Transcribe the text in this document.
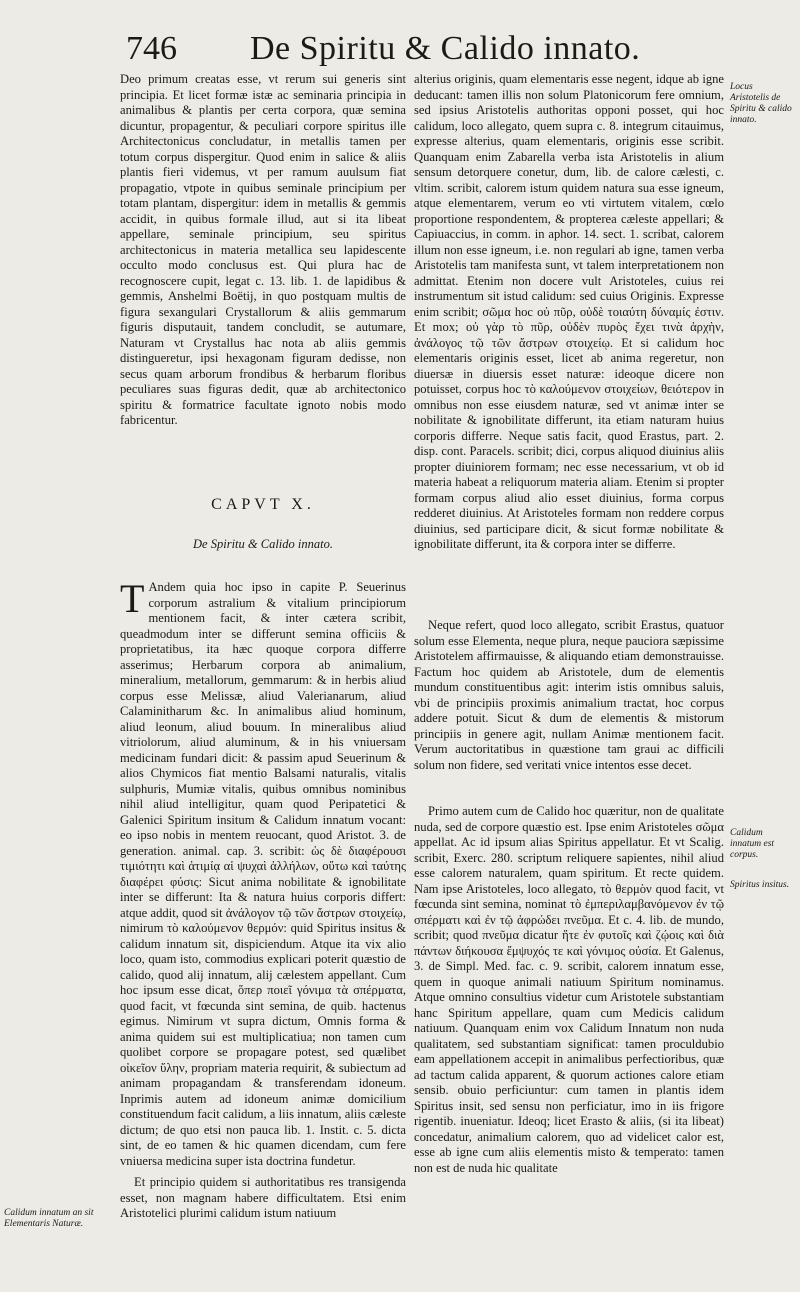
746 De Spiritu & Calido innato.

Deo primum creatas esse, vt rerum sui generis sint principia. Et licet formæ istæ ac seminaria principia in animalibus & plantis per certa corpora, quæ semina dicuntur, propagentur, & peculiari corpore spiritus ille Architectonicus concludatur, in metallis tamen per totum corpus dispergitur. Quod enim in salice & aliis plantis fieri videmus, vt per ramum auulsum fiat propagatio, vtpote in quibus seminale principium per totam plantam, dispergitur: idem in metallis & gemmis accidit, in quibus formale illud, aut si ita libeat appellare, seminale principium, seu spiritus architectonicus in materia metallica seu lapidescente occulto modo conclusus est. Qui plura hac de recognoscere cupit, legat c. 13. lib. 1. de lapidibus & gemmis, Anshelmi Boëtij, in quo postquam multis de figura sexangulari Crystallorum & aliis gemmarum figuris disputauit, tandem concludit, se autumare, Naturam vt Crystallus hac nota ab aliis gemmis distingueretur, ipsi hexagonam figuram dedisse, non secus quam arborum frondibus & herbarum floribus peculiares suas figuras dedit, quæ ab architectonico spiritu & formatrice facultate ignoto nobis modo fabricentur.

CAPVT X.
De Spiritu & Calido innato.

T Andem quia hoc ipso in capite P. Seuerinus corporum astralium & vitalium principiorum mentionem facit, & inter cætera scribit, queadmodum inter se differunt semina officiis & proprietatibus, ita hæc quoque corpora differre asserimus; Herbarum corpora ab animalium, mineralium, metallorum, gemmarum: & in herbis aliud corpus esse Melissæ, aliud Valerianarum, aliud Calaminitharum &c. In animalibus aliud hominum, aliud leonum, aliud bouum. In mineralibus aliud vitriolorum, aliud aluminum, & in his vniuersam medicinam fundari dicit: & passim apud Seuerinum & alios Chymicos fiat mentio Balsami naturalis, vitalis sulphuris, Mumiæ vitalis, quibus omnibus nominibus nihil aliud intelligitur, quam quod Peripatetici & Galenici Spiritum insitum & Calidum innatum vocant: eo ipso nobis in mentem reuocant, quod Aristot. 3. de generation. animal. cap. 3. scribit: ὡς δὲ διαφέρουσι τιμιότητι καὶ ἀτιμίᾳ αἱ ψυχαὶ ἀλλήλων, οὕτω καὶ ταύτης διαφέρει φύσις: Sicut anima nobilitate & ignobilitate inter se differunt: Ita & natura huius corporis differt: atque addit, quod sit ἀνάλογον τῷ τῶν ἄστρων στοιχείῳ, nimirum τὸ καλούμενον θερμόν: quid Spiritus insitus & calidum innatum sit, dispiciendum. Atque ita vix alio loco, quam isto, commodius explicari poterit quæstio de calido, quod alij innatum, alij cælestem appellant. Cum hoc ipsum esse dicat, ὅπερ ποιεῖ γόνιμα τὰ σπέρματα, quod facit, vt fœcunda sint semina, de quib. hactenus egimus. Nimirum vt supra dictum, Omnis forma & anima quidem sui est multiplicatiua; non tamen cum quolibet corpore se propagare potest, sed quælibet οἰκεῖον ὕλην, propriam materia requirit, & subiectum ad animam propagandam & transferendam idoneum. Inprimis autem ad idoneum animæ domicilium constituendum facit calidum, a liis innatum, aliis cæleste dictum; de quo etsi non pauca lib. 1. Instit. c. 5. dicta sint, de eo tamen & hic quamen dicendam, cum fere vniuersa medicina super ista doctrina fundetur.

Et principio quidem si authoritatibus res transigenda esset, non magnam habere difficultatem. Etsi enim Aristotelici plurimi calidum istum natiuum

alterius originis, quam elementaris esse negent, idque ab igne deducant: tamen illis non solum Platonicorum fere omnium, sed ipsius Aristotelis authoritas opponi posset, qui hoc calidum, loco allegato, quem supra c. 8. integrum citauimus, expresse alterius, quam elementaris, originis esse scribit. Quanquam enim Zabarella verba ista Aristotelis in alium sensum detorquere conetur, dum, lib. de calore cælesti, c. vltim. scribit, calorem istum quidem natura sua esse igneum, atque elementarem, verum eo vti virtutem vitalem, cœlo proportione respondentem, & propterea cæleste appellari; & Capiuaccius, in comm. in aphor. 14. sect. 1. scribat, calorem illum non esse igneum, i.e. non regulari ab igne, tamen verba Aristotelis tam manifesta sunt, vt talem interpretationem non admittat. Etenim non docere vult Aristoteles, cuius rei instrumentum sit istud calidum: sed cuius Originis. Expresse enim scribit; σῶμα hoc οὐ πῦρ, οὐδὲ τοιαύτη δύναμίς ἐστιν. Et mox; οὐ γὰρ τὸ πῦρ, οὐδὲν πυρὸς ἔχει τινὰ ἀρχὴν, ἀνάλογος τῷ τῶν ἄστρων στοιχείῳ. Et si calidum hoc elementaris originis esset, licet ab anima regeretur, non diuersæ in diuersis esset naturæ: ideoque dicere non potuisset, corpus hoc τὸ καλούμενον στοιχείων, θειότερον in omnibus non esse eiusdem naturæ, sed vt animæ inter se nobilitate & ignobilitate differunt, ita etiam naturam huius corporis differre. Neque satis facit, quod Erastus, part. 2. disp. cont. Paracels. scribit; dici, corpus aliquod diuinius aliis propter diuiniorem formam; nec esse necessarium, vt ob id materia habeat a reliquorum materia aliam. Etenim si propter formam corpus aliud alio esset diuinius, forma corpus redderet diuinius. At Aristoteles formam non reddere corpus diuinius, sed participare dicit, & sicut formæ nobilitate & ignobilitate differunt, ita & corpora inter se differre.

Neque refert, quod loco allegato, scribit Erastus, quatuor solum esse Elementa, neque plura, neque pauciora sæpissime Aristotelem affirmauisse, & aliquando etiam demonstrauisse. Factum hoc quidem ab Aristotele, dum de elementis mundum constituentibus agit: interim istis omnibus saluis, vbi de principiis proximis animalium tractat, hoc corpus addere potuit. Sicut & dum de elementis & mistorum principiis in genere agit, nullam Animæ mentionem facit. Verum auctoritatibus in quæstione tam graui ac difficili solum non fidere, sed veritati vnice intentos esse decet.

Primo autem cum de Calido hoc quæritur, non de qualitate nuda, sed de corpore quæstio est. Ipse enim Aristoteles σῶμα appellat. Ac id ipsum alias Spiritus appellatur. Et vt Scalig. scribit, Exerc. 280. scriptum reliquere sapientes, nihil aliud esse calorem naturalem, quam spiritum. Et recte quidem. Nam ipse Aristoteles, loco allegato, τὸ θερμὸν quod facit, vt fœcunda sint semina, nominat τὸ ἐμπεριλαμβανόμενον ἐν τῷ σπέρματι καὶ ἐν τῷ ἀφρώδει πνεῦμα. Et c. 4. lib. de mundo, scribit; quod πνεῦμα dicatur ἥτε ἐν φυτοῖς καὶ ζῴοις καὶ διὰ πάντων διήκουσα ἔμψυχός τε καὶ γόνιμος οὐσία. Et Galenus, 3. de Simpl. Med. fac. c. 9. scribit, calorem innatum esse, quem in quoque animali natiuum Spiritum nominamus. Atque omnino consultius videtur cum Aristotele substantiam hanc Spiritum appellare, quam cum Medicis calidum natiuum. Quanquam enim vox Calidum Innatum non nuda qualitatem, sed substantiam significat: tamen proculdubio eam appellationem accepit in animalibus perfectioribus, quæ ad tactum calida apparent, & quorum actiones calore etiam sensib. obuio perficiuntur: cum tamen in plantis idem Spiritus insit, sed sensu non perficiatur, imo in iis frigore rigentib. inueniatur. Ideoq; licet Erasto & aliis, (si ita libeat) concedatur, animalium calorem, quo ad videlicet calor est, esse ab igne cum aliis elementis misto & temperato: tamen non est de nuda hic qualitate

Locus Aristotelis de Spiritu & calido innato.
Calidum innatum est corpus.
Spiritus insitus.
Calidum innatum an sit Elementaris Naturæ.
